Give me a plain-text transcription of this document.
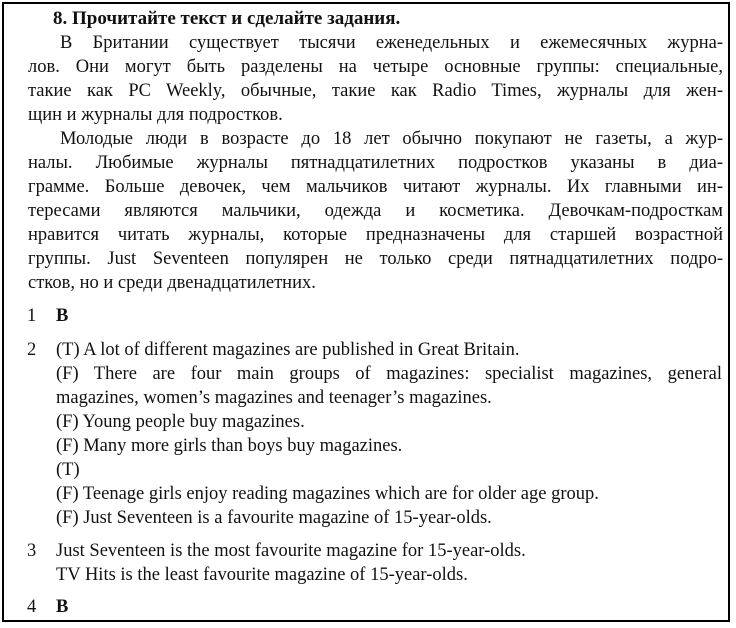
8. Прочитайте текст и сделайте задания.
В Британии существует тысячи еженедельных и ежемесячных журна-
лов. Они могут быть разделены на четыре основные группы: специальные,
такие как PC Weekly, обычные, такие как Radio Times, журналы для жен-
щин и журналы для подростков.
Молодые люди в возрасте до 18 лет обычно покупают не газеты, а жур-
налы. Любимые журналы пятнадцатилетних подростков указаны в диа-
грамме. Больше девочек, чем мальчиков читают журналы. Их главными ин-
тересами являются мальчики, одежда и косметика. Девочкам-подросткам
нравится читать журналы, которые предназначены для старшей возрастной
группы. Just Seventeen популярен не только среди пятнадцатилетних подро-
стков, но и среди двенадцатилетних.
1 B
2 (T) A lot of different magazines are published in Great Britain.
(F) There are four main groups of magazines: specialist magazines, general
magazines, women’s magazines and teenager’s magazines.
(F) Young people buy magazines.
(F) Many more girls than boys buy magazines.
(T)
(F) Teenage girls enjoy reading magazines which are for older age group.
(F) Just Seventeen is a favourite magazine of 15-year-olds.
3 Just Seventeen is the most favourite magazine for 15-year-olds.
TV Hits is the least favourite magazine of 15-year-olds.
4 B
